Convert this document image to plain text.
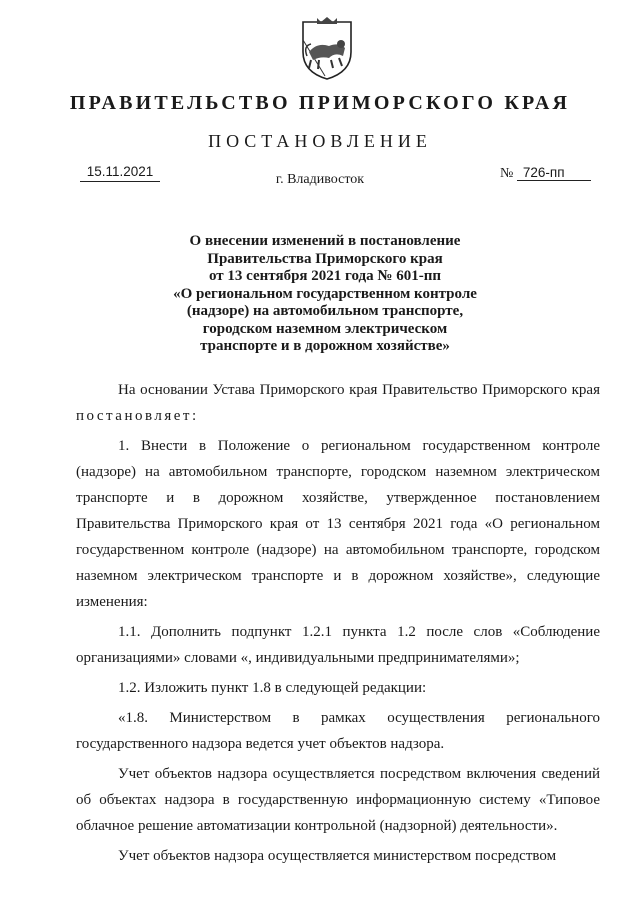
ПРАВИТЕЛЬСТВО ПРИМОРСКОГО КРАЯ
ПОСТАНОВЛЕНИЕ
15.11.2021
г. Владивосток	№ 726-пп
О внесении изменений в постановление
Правительства Приморского края
от 13 сентября 2021 года № 601-пп
«О региональном государственном контроле
(надзоре) на автомобильном транспорте,
городском наземном электрическом
транспорте и в дорожном хозяйстве»

На основании Устава Приморского края Правительство Приморского края постановляет:

1. Внести в Положение о региональном государственном контроле (надзоре) на автомобильном транспорте, городском наземном электрическом транспорте и в дорожном хозяйстве, утвержденное постановлением Правительства Приморского края от 13 сентября 2021 года «О региональном государственном контроле (надзоре) на автомобильном транспорте, городском наземном электрическом транспорте и в дорожном хозяйстве», следующие изменения:

1.1. Дополнить подпункт 1.2.1 пункта 1.2 после слов «Соблюдение организациями» словами «, индивидуальными предпринимателями»;

1.2. Изложить пункт 1.8 в следующей редакции:

«1.8. Министерством в рамках осуществления регионального государственного надзора ведется учет объектов надзора.

Учет объектов надзора осуществляется посредством включения сведений об объектах надзора в государственную информационную систему «Типовое облачное решение автоматизации контрольной (надзорной) деятельности».

Учет объектов надзора осуществляется министерством посредством
